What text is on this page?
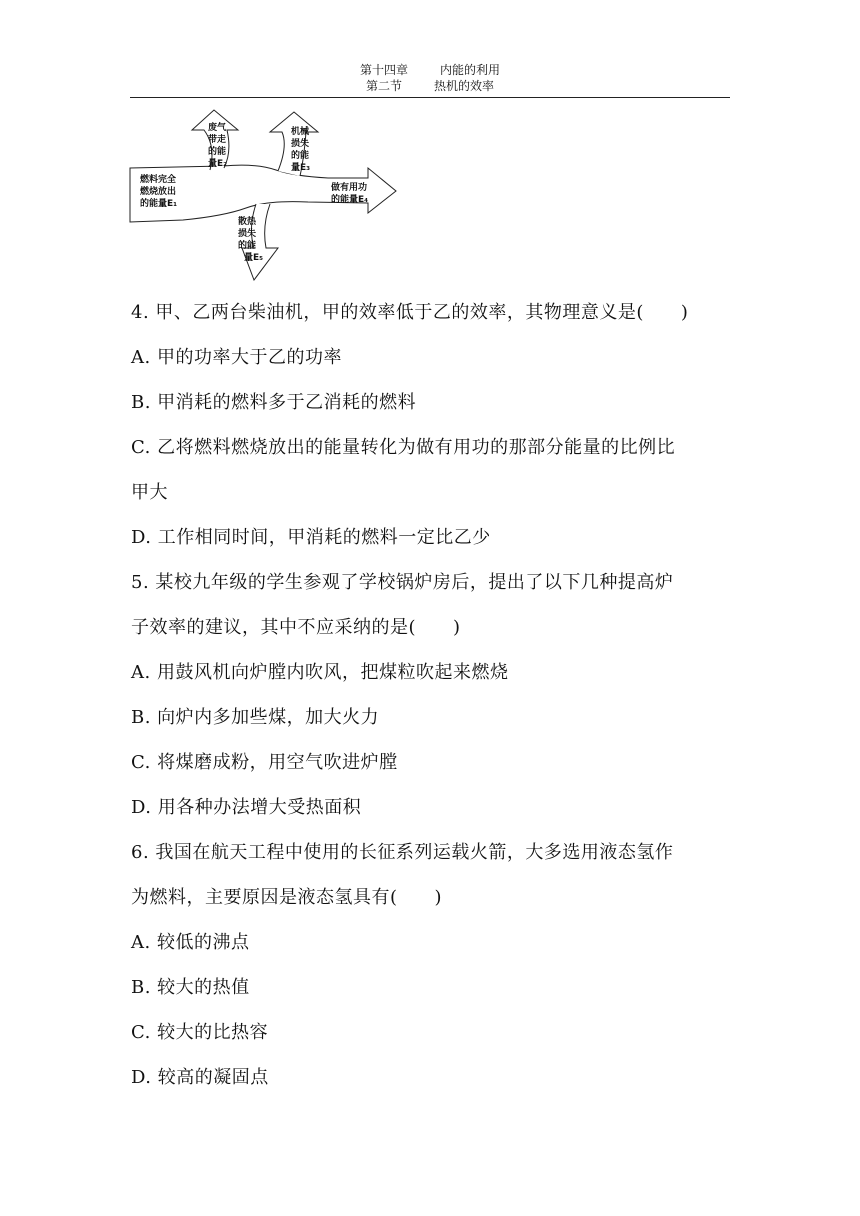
第十四章	内能的利用
第二节	热机的效率
燃料完全
燃烧放出
的能量E₁
废气
带走
的能
量E₂
机械
损失
的能
量E₃
做有用功
的能量E₄
散热
损失
的能
量E₅
4. 甲、乙两台柴油机，甲的效率低于乙的效率，其物理意义是(　　)
A. 甲的功率大于乙的功率
B. 甲消耗的燃料多于乙消耗的燃料
C. 乙将燃料燃烧放出的能量转化为做有用功的那部分能量的比例比
甲大
D. 工作相同时间，甲消耗的燃料一定比乙少
5. 某校九年级的学生参观了学校锅炉房后，提出了以下几种提高炉
子效率的建议，其中不应采纳的是(　　)
A. 用鼓风机向炉膛内吹风，把煤粒吹起来燃烧
B. 向炉内多加些煤，加大火力
C. 将煤磨成粉，用空气吹进炉膛
D. 用各种办法增大受热面积
6. 我国在航天工程中使用的长征系列运载火箭，大多选用液态氢作
为燃料，主要原因是液态氢具有(　　)
A. 较低的沸点
B. 较大的热值
C. 较大的比热容
D. 较高的凝固点
